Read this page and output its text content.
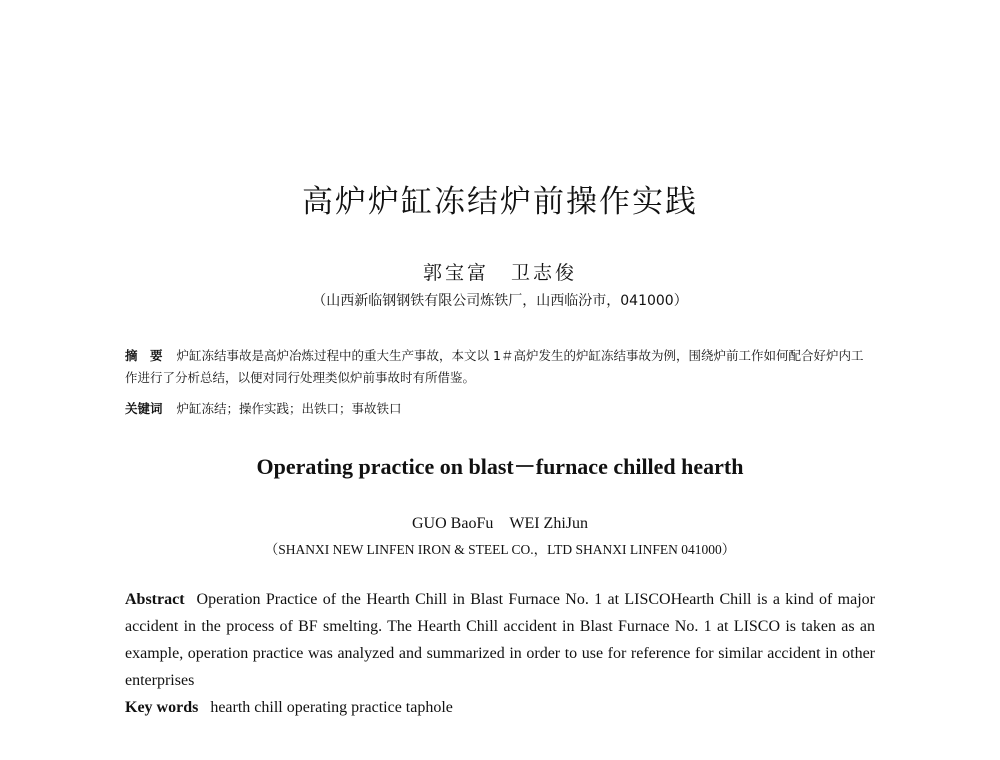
高炉炉缸冻结炉前操作实践
郭宝富　卫志俊
（山西新临钢钢铁有限公司炼铁厂，山西临汾市，041000）
摘　要 炉缸冻结事故是高炉冶炼过程中的重大生产事故，本文以 1＃高炉发生的炉缸冻结事故为例，围绕炉前工作如何配合好炉内工作进行了分析总结，以便对同行处理类似炉前事故时有所借鉴。
关键词 炉缸冻结；操作实践；出铁口；事故铁口
Operating practice on blast－furnace chilled hearth
GUO BaoFu　WEI ZhiJun
（SHANXI NEW LINFEN IRON & STEEL CO.，LTD SHANXI LINFEN 041000）
Abstract Operation Practice of the Hearth Chill in Blast Furnace No. 1 at LISCOHearth Chill is a kind of major accident in the process of BF smelting. The Hearth Chill accident in Blast Furnace No. 1 at LISCO is taken as an example, operation practice was analyzed and summarized in order to use for reference for similar accident in other enterprises
Key words hearth chill operating practice taphole
